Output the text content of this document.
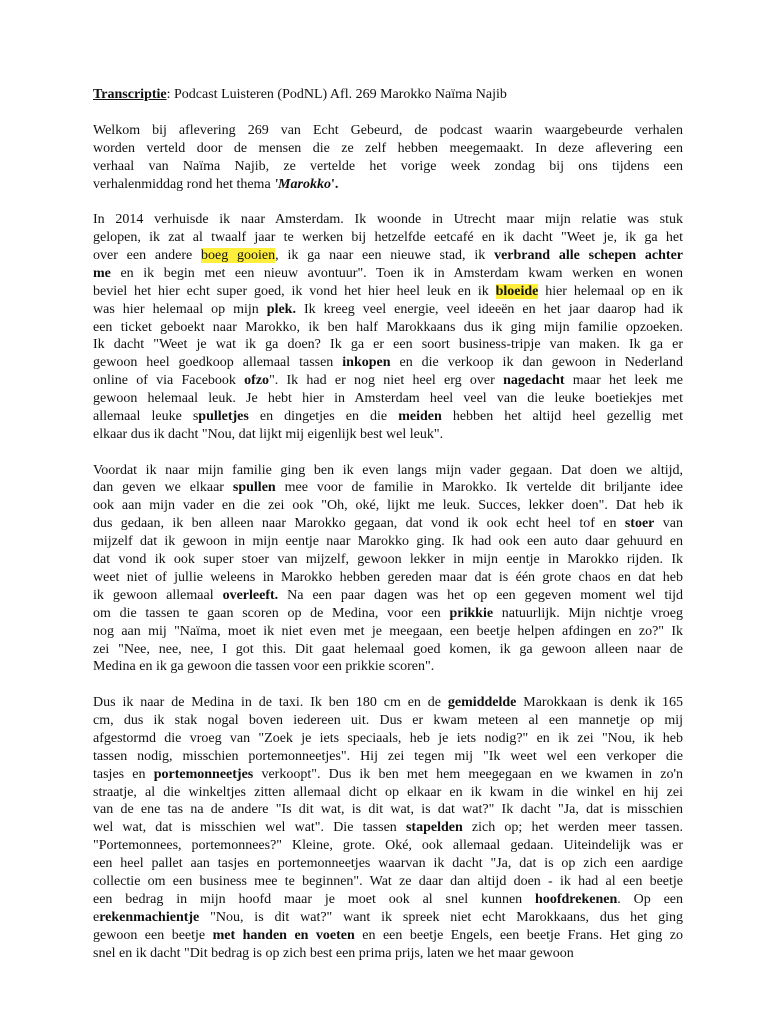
Transcriptie: Podcast Luisteren (PodNL) Afl. 269 Marokko Naïma Najib

Welkom bij aflevering 269 van Echt Gebeurd, de podcast waarin waargebeurde verhalen
worden verteld door de mensen die ze zelf hebben meegemaakt. In deze aflevering een
verhaal van Naïma Najib, ze vertelde het vorige week zondag bij ons tijdens een
verhalenmiddag rond het thema 'Marokko'.

In 2014 verhuisde ik naar Amsterdam. Ik woonde in Utrecht maar mijn relatie was stuk
gelopen, ik zat al twaalf jaar te werken bij hetzelfde eetcafé en ik dacht "Weet je, ik ga het
over een andere boeg gooien, ik ga naar een nieuwe stad, ik verbrand alle schepen achter
me en ik begin met een nieuw avontuur". Toen ik in Amsterdam kwam werken en wonen
beviel het hier echt super goed, ik vond het hier heel leuk en ik bloeide hier helemaal op en ik
was hier helemaal op mijn plek. Ik kreeg veel energie, veel ideeën en het jaar daarop had ik
een ticket geboekt naar Marokko, ik ben half Marokkaans dus ik ging mijn familie opzoeken.
Ik dacht "Weet je wat ik ga doen? Ik ga er een soort business-tripje van maken. Ik ga er
gewoon heel goedkoop allemaal tassen inkopen en die verkoop ik dan gewoon in Nederland
online of via Facebook ofzo". Ik had er nog niet heel erg over nagedacht maar het leek me
gewoon helemaal leuk. Je hebt hier in Amsterdam heel veel van die leuke boetiekjes met
allemaal leuke spulletjes en dingetjes en die meiden hebben het altijd heel gezellig met
elkaar dus ik dacht "Nou, dat lijkt mij eigenlijk best wel leuk".

Voordat ik naar mijn familie ging ben ik even langs mijn vader gegaan. Dat doen we altijd,
dan geven we elkaar spullen mee voor de familie in Marokko. Ik vertelde dit briljante idee
ook aan mijn vader en die zei ook "Oh, oké, lijkt me leuk. Succes, lekker doen". Dat heb ik
dus gedaan, ik ben alleen naar Marokko gegaan, dat vond ik ook echt heel tof en stoer van
mijzelf dat ik gewoon in mijn eentje naar Marokko ging. Ik had ook een auto daar gehuurd en
dat vond ik ook super stoer van mijzelf, gewoon lekker in mijn eentje in Marokko rijden. Ik
weet niet of jullie weleens in Marokko hebben gereden maar dat is één grote chaos en dat heb
ik gewoon allemaal overleeft. Na een paar dagen was het op een gegeven moment wel tijd
om die tassen te gaan scoren op de Medina, voor een prikkie natuurlijk. Mijn nichtje vroeg
nog aan mij "Naïma, moet ik niet even met je meegaan, een beetje helpen afdingen en zo?" Ik
zei "Nee, nee, nee, I got this. Dit gaat helemaal goed komen, ik ga gewoon alleen naar de
Medina en ik ga gewoon die tassen voor een prikkie scoren".

Dus ik naar de Medina in de taxi. Ik ben 180 cm en de gemiddelde Marokkaan is denk ik 165
cm, dus ik stak nogal boven iedereen uit. Dus er kwam meteen al een mannetje op mij
afgestormd die vroeg van "Zoek je iets speciaals, heb je iets nodig?" en ik zei "Nou, ik heb
tassen nodig, misschien portemonneetjes". Hij zei tegen mij "Ik weet wel een verkoper die
tasjes en portemonneetjes verkoopt". Dus ik ben met hem meegegaan en we kwamen in zo'n
straatje, al die winkeltjes zitten allemaal dicht op elkaar en ik kwam in die winkel en hij zei
van de ene tas na de andere "Is dit wat, is dit wat, is dat wat?" Ik dacht "Ja, dat is misschien
wel wat, dat is misschien wel wat". Die tassen stapelden zich op; het werden meer tassen.
"Portemonnees, portemonnees?" Kleine, grote. Oké, ook allemaal gedaan. Uiteindelijk was er
een heel pallet aan tasjes en portemonneetjes waarvan ik dacht "Ja, dat is op zich een aardige
collectie om een business mee te beginnen". Wat ze daar dan altijd doen - ik had al een beetje
een bedrag in mijn hoofd maar je moet ook al snel kunnen hoofdrekenen. Op een
erekenmachientje "Nou, is dit wat?" want ik spreek niet echt Marokkaans, dus het ging
gewoon een beetje met handen en voeten en een beetje Engels, een beetje Frans. Het ging zo
snel en ik dacht "Dit bedrag is op zich best een prima prijs, laten we het maar gewoon
